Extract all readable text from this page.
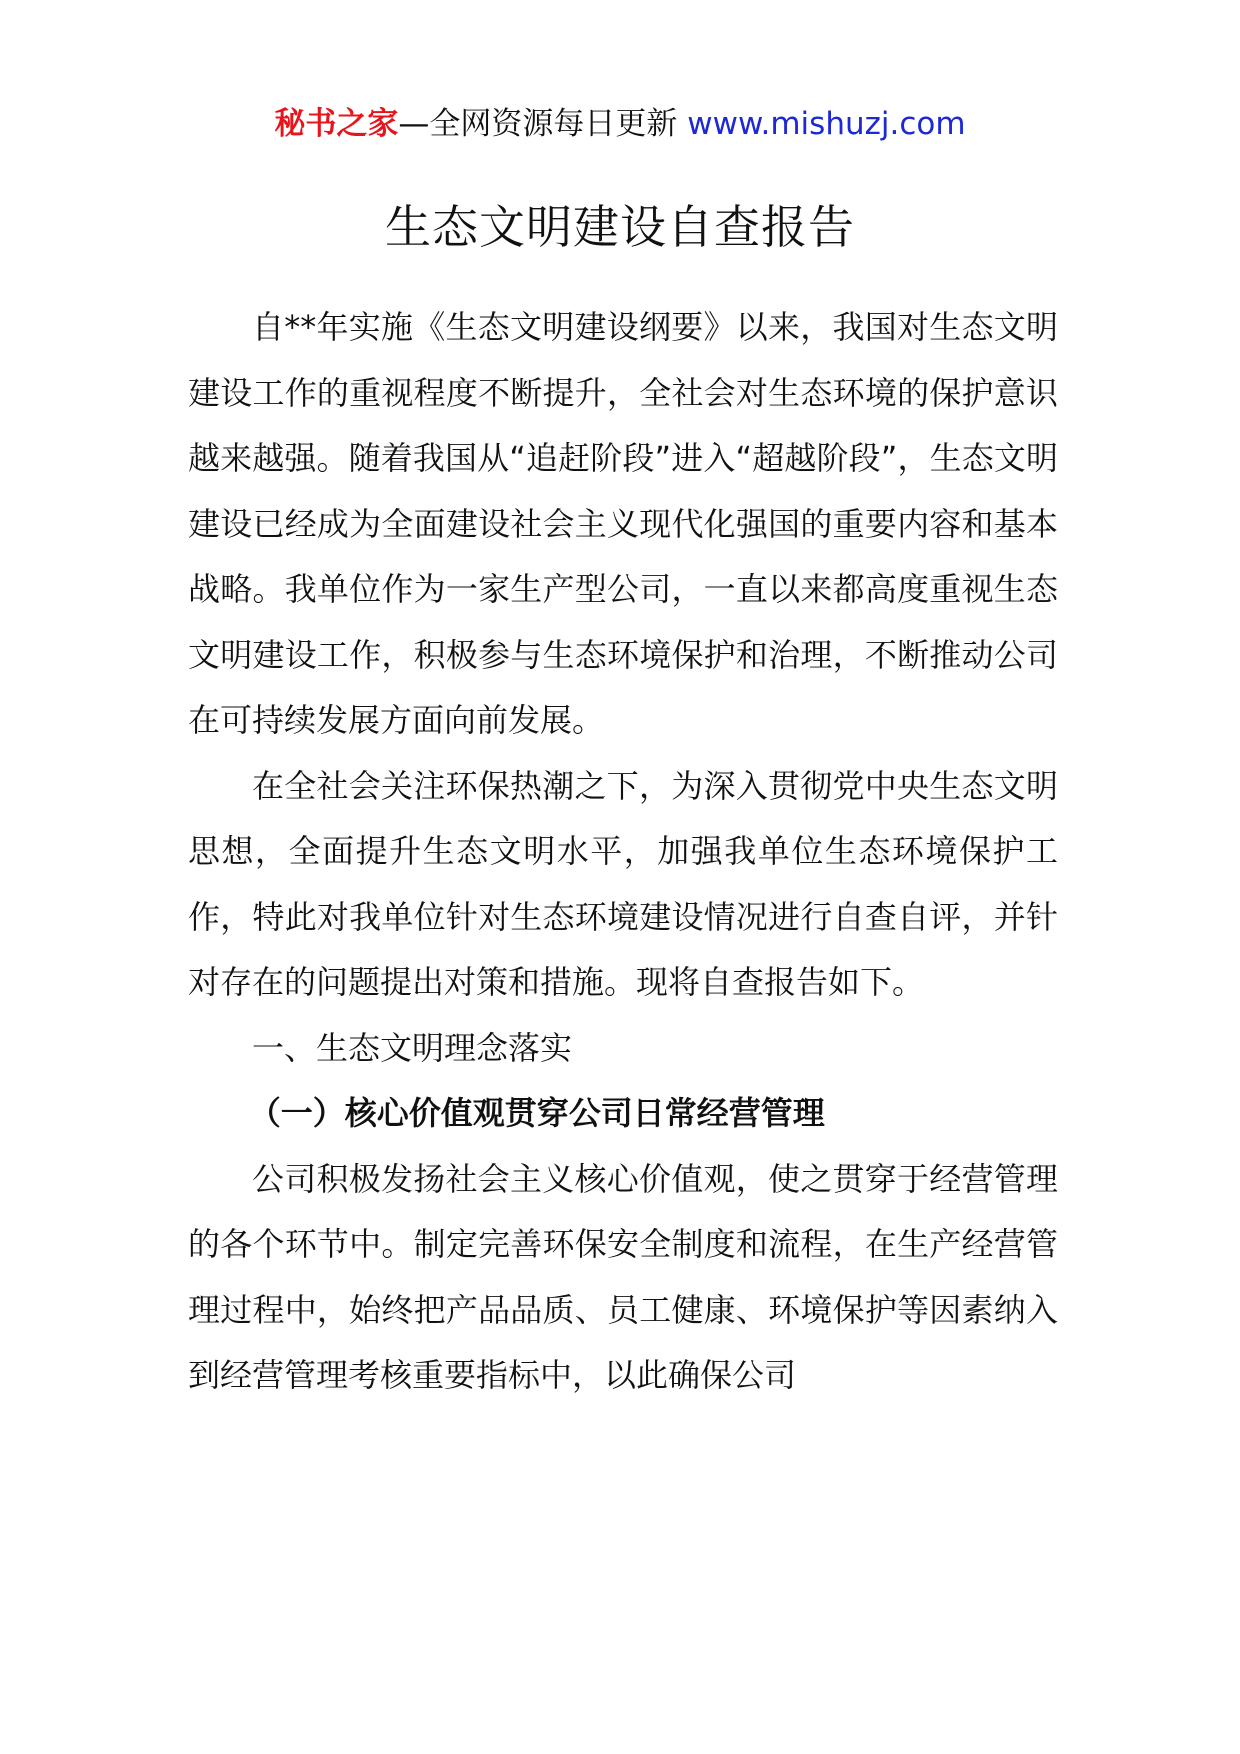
秘书之家—全网资源每日更新 www.mishuzj.com
生态文明建设自查报告

自**年实施《生态文明建设纲要》以来，我国对生态文明建设工作的重视程度不断提升，全社会对生态环境的保护意识越来越强。随着我国从“追赶阶段”进入“超越阶段”，生态文明建设已经成为全面建设社会主义现代化强国的重要内容和基本战略。我单位作为一家生产型公司，一直以来都高度重视生态文明建设工作，积极参与生态环境保护和治理，不断推动公司在可持续发展方面向前发展。

在全社会关注环保热潮之下，为深入贯彻党中央生态文明思想，全面提升生态文明水平，加强我单位生态环境保护工作，特此对我单位针对生态环境建设情况进行自查自评，并针对存在的问题提出对策和措施。现将自查报告如下。

一、生态文明理念落实

（一）核心价值观贯穿公司日常经营管理

公司积极发扬社会主义核心价值观，使之贯穿于经营管理的各个环节中。制定完善环保安全制度和流程，在生产经营管理过程中，始终把产品品质、员工健康、环境保护等因素纳入到经营管理考核重要指标中，以此确保公司
